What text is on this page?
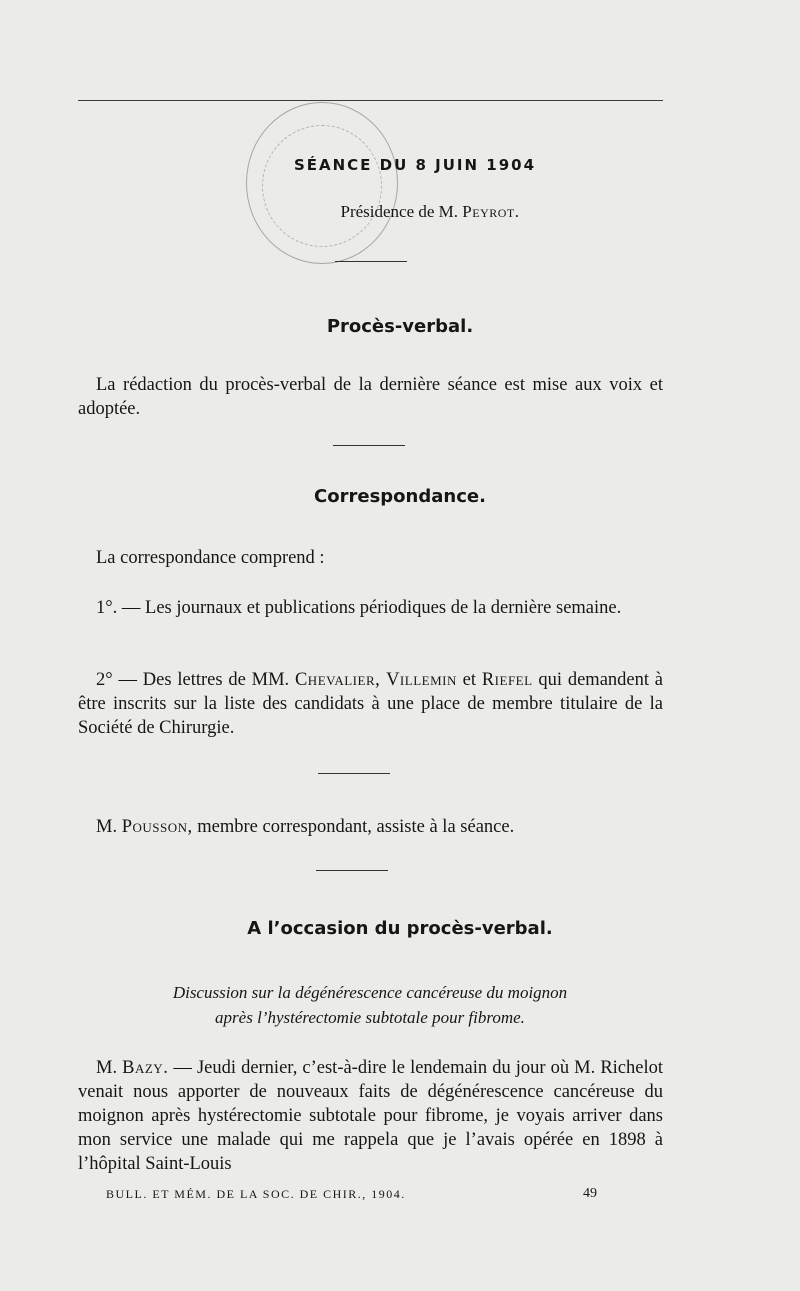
SÉANCE DU 8 JUIN 1904
Présidence de M. Peyrot.
Procès-verbal.
La rédaction du procès-verbal de la dernière séance est mise aux voix et adoptée.
Correspondance.
La correspondance comprend :
1°. — Les journaux et publications périodiques de la dernière semaine.
2° — Des lettres de MM. Chevalier, Villemin et Riefel qui demandent à être inscrits sur la liste des candidats à une place de membre titulaire de la Société de Chirurgie.
M. Pousson, membre correspondant, assiste à la séance.
A l’occasion du procès-verbal.
Discussion sur la dégénérescence cancéreuse du moignon
après l’hystérectomie subtotale pour fibrome.
M. Bazy. — Jeudi dernier, c’est-à-dire le lendemain du jour où M. Richelot venait nous apporter de nouveaux faits de dégénérescence cancéreuse du moignon après hystérectomie subtotale pour fibrome, je voyais arriver dans mon service une malade qui me rappela que je l’avais opérée en 1898 à l’hôpital Saint-Louis
BULL. ET MÉM. DE LA SOC. DE CHIR., 1904.	49
